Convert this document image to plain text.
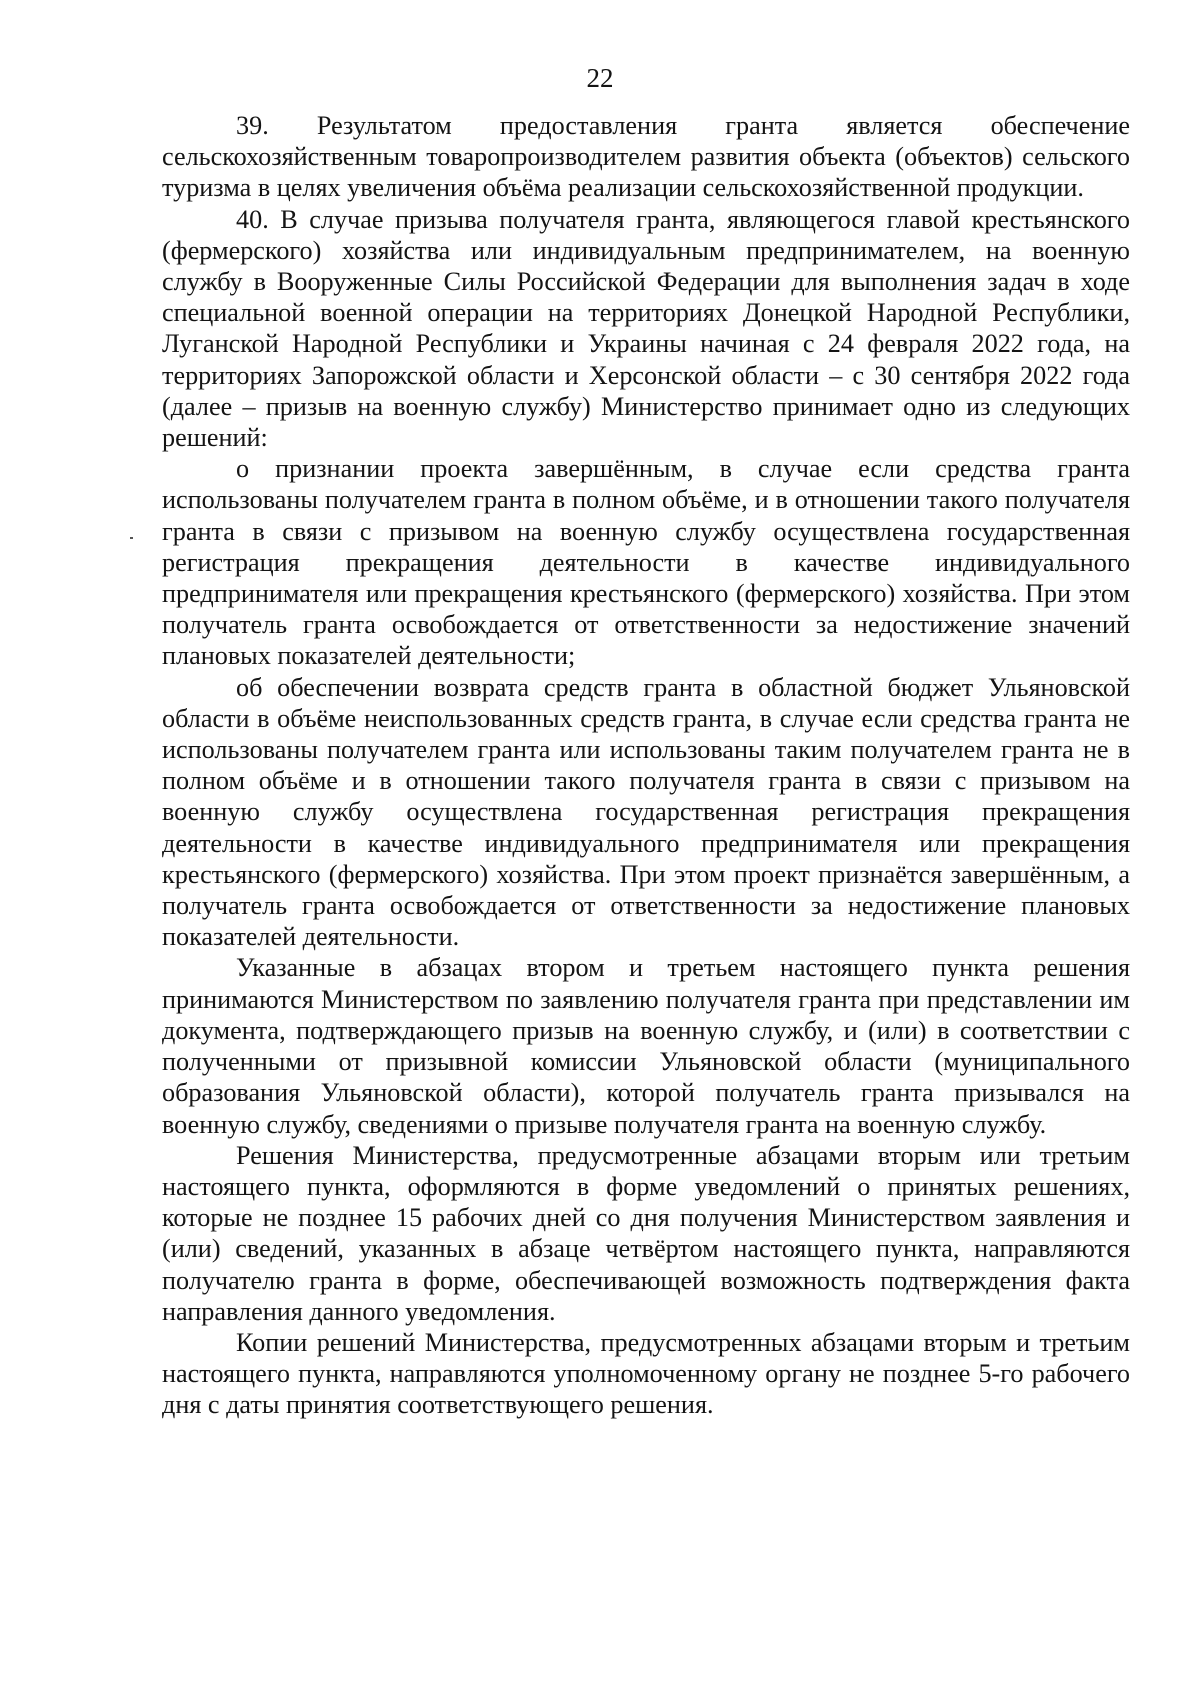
22

39. Результатом предоставления гранта является обеспечение сельскохозяйственным товаропроизводителем развития объекта (объектов) сельского туризма в целях увеличения объёма реализации сельскохозяйственной продукции.

40. В случае призыва получателя гранта, являющегося главой крестьянского (фермерского) хозяйства или индивидуальным предпринимателем, на военную службу в Вооруженные Силы Российской Федерации для выполнения задач в ходе специальной военной операции на территориях Донецкой Народной Республики, Луганской Народной Республики и Украины начиная с 24 февраля 2022 года, на территориях Запорожской области и Херсонской области – с 30 сентября 2022 года (далее – призыв на военную службу) Министерство принимает одно из следующих решений:

о признании проекта завершённым, в случае если средства гранта использованы получателем гранта в полном объёме, и в отношении такого получателя гранта в связи с призывом на военную службу осуществлена государственная регистрация прекращения деятельности в качестве индивидуального предпринимателя или прекращения крестьянского (фермерского) хозяйства. При этом получатель гранта освобождается от ответственности за недостижение значений плановых показателей деятельности;

об обеспечении возврата средств гранта в областной бюджет Ульяновской области в объёме неиспользованных средств гранта, в случае если средства гранта не использованы получателем гранта или использованы таким получателем гранта не в полном объёме и в отношении такого получателя гранта в связи с призывом на военную службу осуществлена государственная регистрация прекращения деятельности в качестве индивидуального предпринимателя или прекращения крестьянского (фермерского) хозяйства. При этом проект признаётся завершённым, а получатель гранта освобождается от ответственности за недостижение плановых показателей деятельности.

Указанные в абзацах втором и третьем настоящего пункта решения принимаются Министерством по заявлению получателя гранта при представлении им документа, подтверждающего призыв на военную службу, и (или) в соответствии с полученными от призывной комиссии Ульяновской области (муниципального образования Ульяновской области), которой получатель гранта призывался на военную службу, сведениями о призыве получателя гранта на военную службу.

Решения Министерства, предусмотренные абзацами вторым или третьим настоящего пункта, оформляются в форме уведомлений о принятых решениях, которые не позднее 15 рабочих дней со дня получения Министерством заявления и (или) сведений, указанных в абзаце четвёртом настоящего пункта, направляются получателю гранта в форме, обеспечивающей возможность подтверждения факта направления данного уведомления.

Копии решений Министерства, предусмотренных абзацами вторым и третьим настоящего пункта, направляются уполномоченному органу не позднее 5-го рабочего дня с даты принятия соответствующего решения.
